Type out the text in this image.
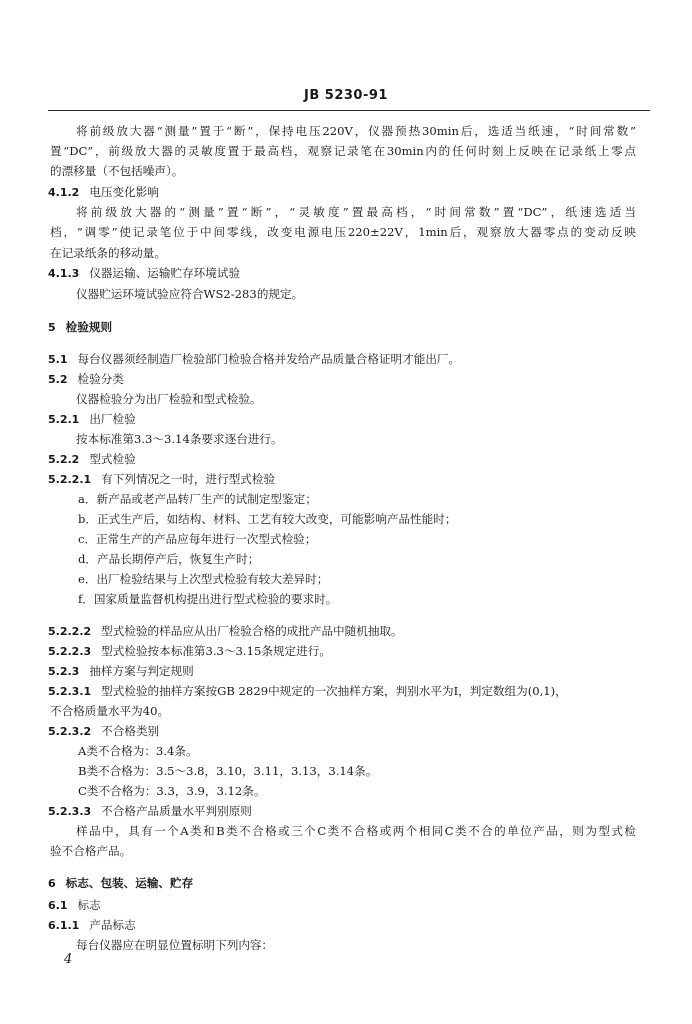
JB 5230-91
将前级放大器“测量”置于“断”，保持电压220V，仪器预热30min后，选适当纸速，“时间常数”
置“DC”，前级放大器的灵敏度置于最高档，观察记录笔在30min内的任何时刻上反映在记录纸上零点
的漂移量（不包括噪声）。
4.1.2 电压变化影响
将前级放大器的“测量”置“断”，“灵敏度”置最高档，“时间常数”置“DC”，纸速选适当
档，“调零”使记录笔位于中间零线，改变电源电压220±22V，1min后，观察放大器零点的变动反映
在记录纸条的移动量。
4.1.3 仪器运输、运输贮存环境试验
仪器贮运环境试验应符合WS2-283的规定。
5 检验规则
5.1 每台仪器须经制造厂检验部门检验合格并发给产品质量合格证明才能出厂。
5.2 检验分类
仪器检验分为出厂检验和型式检验。
5.2.1 出厂检验
按本标准第3.3～3.14条要求逐台进行。
5.2.2 型式检验
5.2.2.1 有下列情况之一时，进行型式检验
a．新产品或老产品转厂生产的试制定型鉴定；
b．正式生产后，如结构、材料、工艺有较大改变，可能影响产品性能时；
c．正常生产的产品应每年进行一次型式检验；
d．产品长期停产后，恢复生产时；
e．出厂检验结果与上次型式检验有较大差异时；
f．国家质量监督机构提出进行型式检验的要求时。
5.2.2.2 型式检验的样品应从出厂检验合格的成批产品中随机抽取。
5.2.2.3 型式检验按本标准第3.3～3.15条规定进行。
5.2.3 抽样方案与判定规则
5.2.3.1 型式检验的抽样方案按GB 2829中规定的一次抽样方案，判别水平为Ⅰ，判定数组为(0,1)，
不合格质量水平为40。
5.2.3.2 不合格类别
A类不合格为：3.4条。
B类不合格为：3.5～3.8，3.10，3.11，3.13，3.14条。
C类不合格为：3.3，3.9，3.12条。
5.2.3.3 不合格产品质量水平判别原则
样品中，具有一个A类和B类不合格或三个C类不合格或两个相同C类不合的单位产品，则为型式检
验不合格产品。
6 标志、包装、运输、贮存
6.1 标志
6.1.1 产品标志
每台仪器应在明显位置标明下列内容：
4
